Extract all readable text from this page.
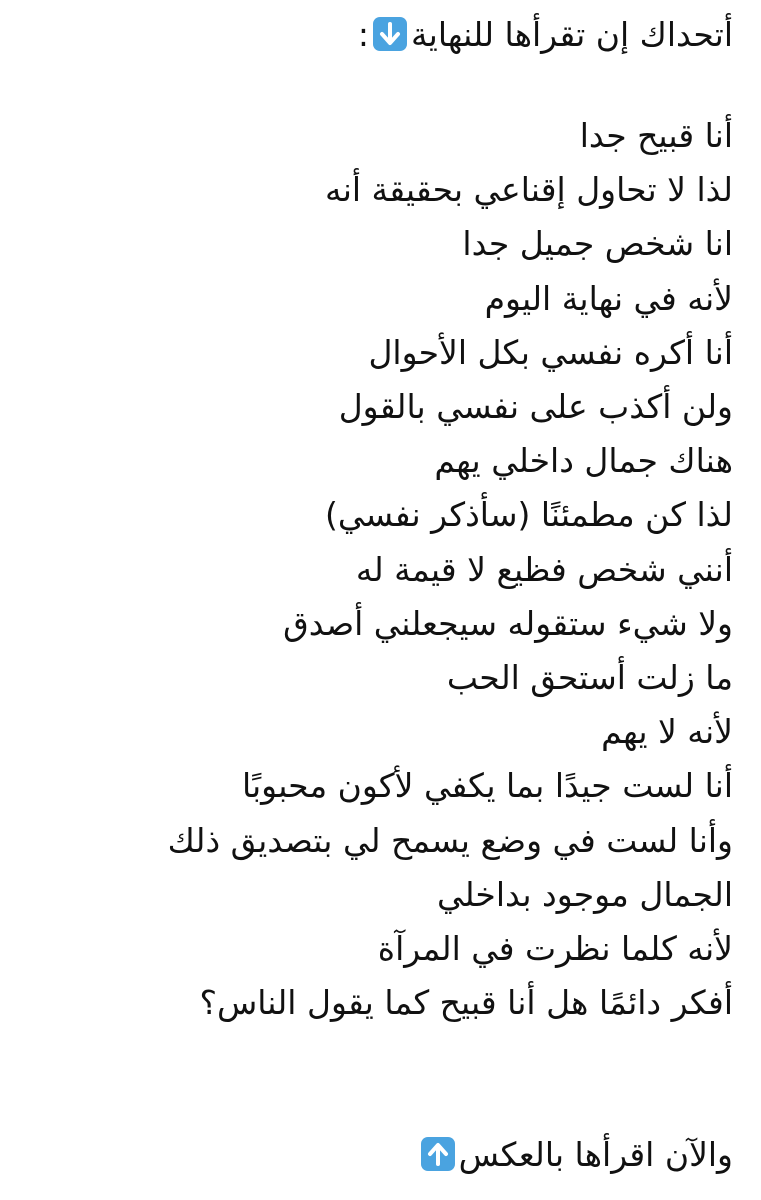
أتحداك إن تقرأها للنهاية
:
أنا قبيح جدا
لذا لا تحاول إقناعي بحقيقة أنه
انا شخص جميل جدا
لأنه في نهاية اليوم
أنا أكره نفسي بكل الأحوال
ولن أكذب على نفسي بالقول
هناك جمال داخلي يهم
لذا كن مطمئنًا (سأذكر نفسي)
أنني شخص فظيع لا قيمة له
ولا شيء ستقوله سيجعلني أصدق
ما زلت أستحق الحب
لأنه لا يهم
أنا لست جيدًا بما يكفي لأكون محبوبًا
وأنا لست في وضع يسمح لي بتصديق ذلك
الجمال موجود بداخلي
لأنه كلما نظرت في المرآة
أفكر دائمًا هل أنا قبيح كما يقول الناس؟
والآن اقرأها بالعكس
